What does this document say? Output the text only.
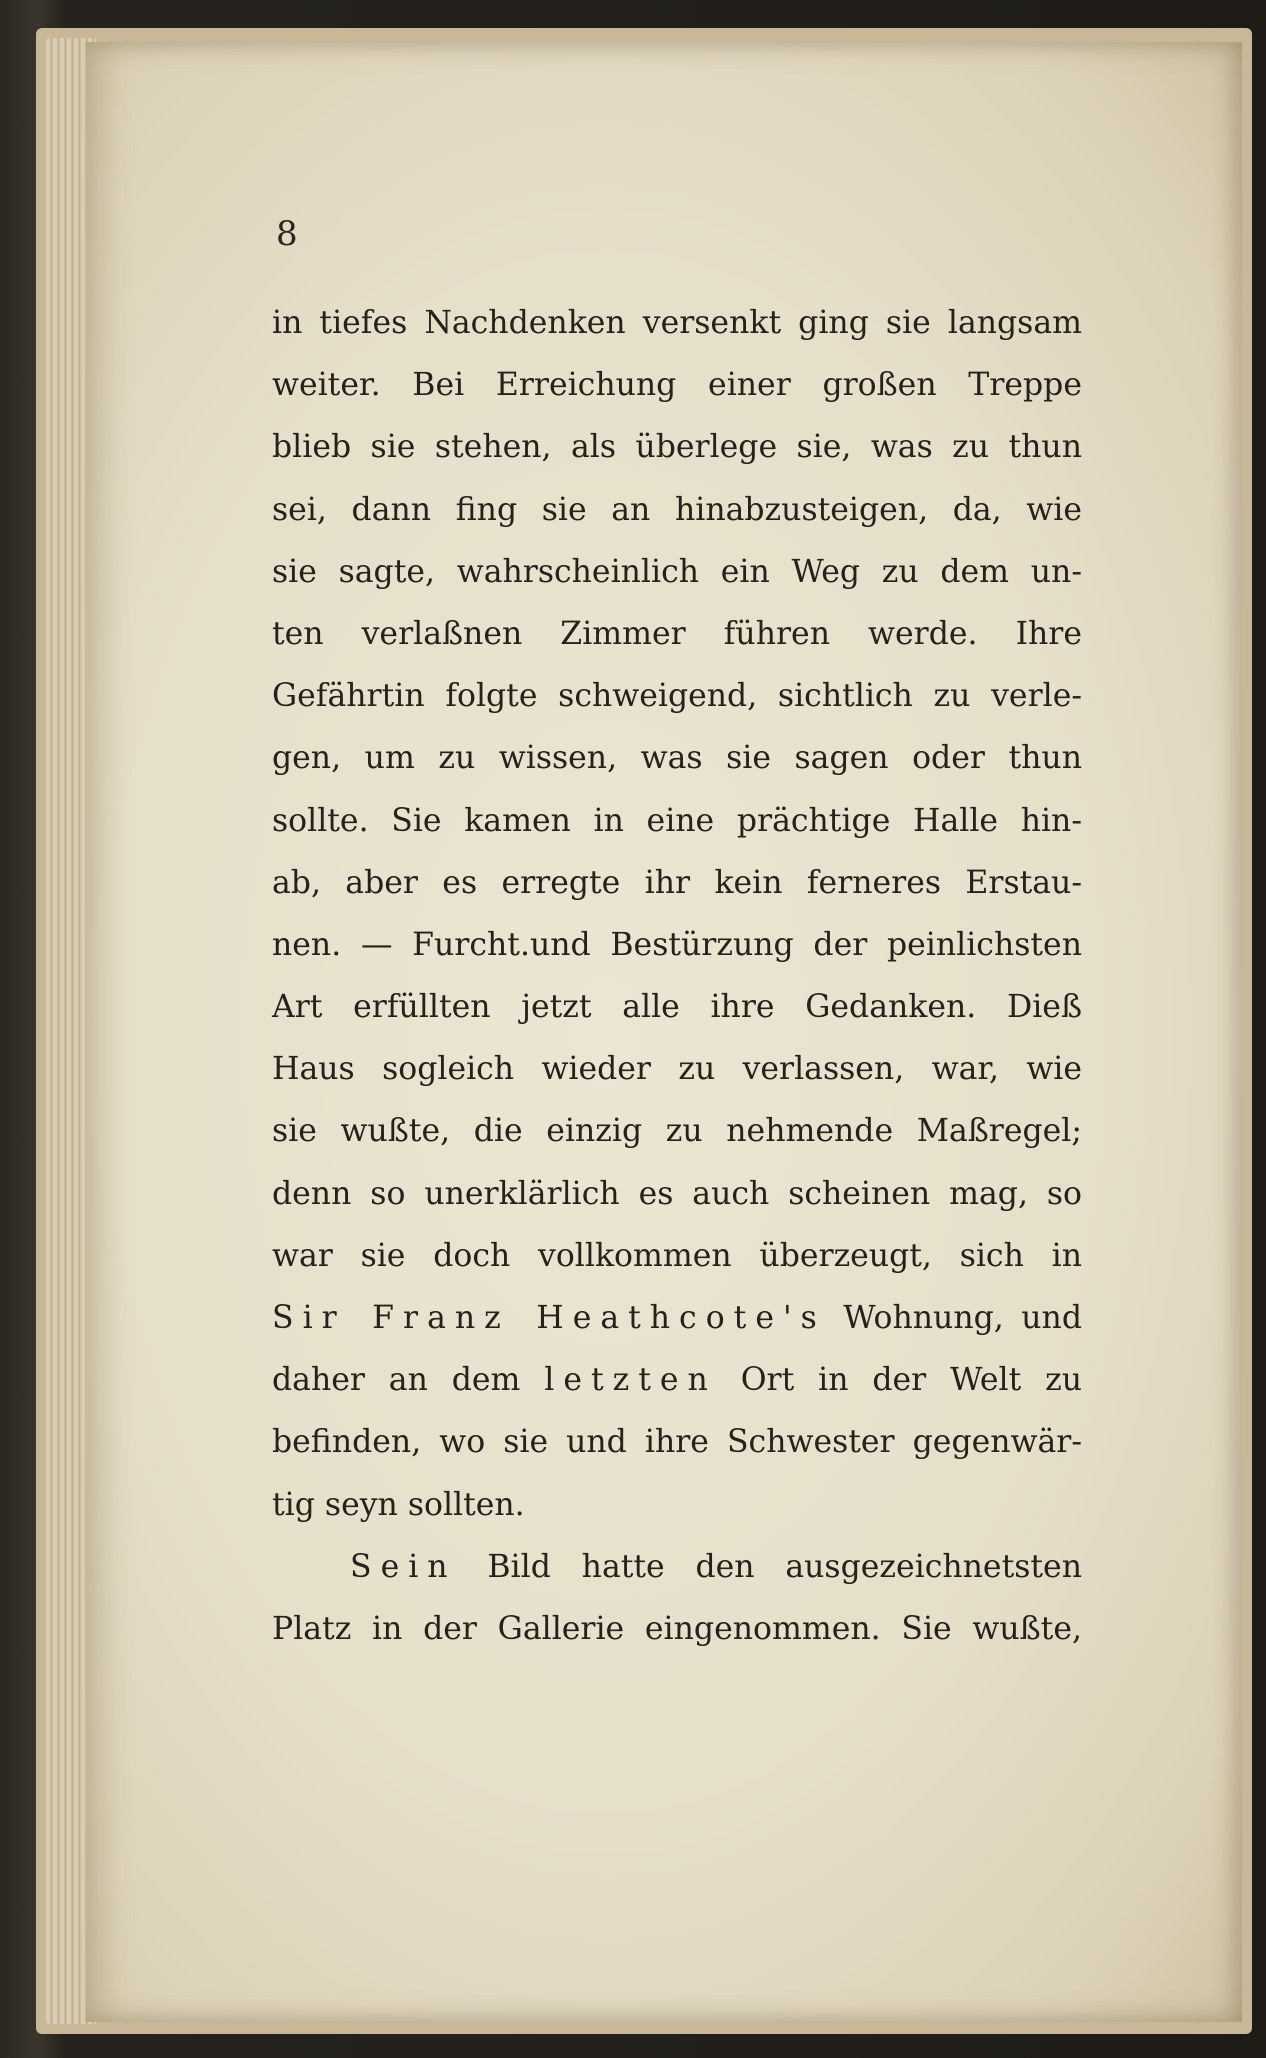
8
in tiefes Nachdenken versenkt ging sie langsam
weiter. Bei Erreichung einer großen Treppe
blieb sie stehen, als überlege sie, was zu thun
sei, dann fing sie an hinabzusteigen, da, wie
sie sagte, wahrscheinlich ein Weg zu dem un-
ten verlaßnen Zimmer führen werde. Ihre
Gefährtin folgte schweigend, sichtlich zu verle-
gen, um zu wissen, was sie sagen oder thun
sollte. Sie kamen in eine prächtige Halle hin-
ab, aber es erregte ihr kein ferneres Erstau-
nen. — Furcht.und Bestürzung der peinlichsten
Art erfüllten jetzt alle ihre Gedanken. Dieß
Haus sogleich wieder zu verlassen, war, wie
sie wußte, die einzig zu nehmende Maßregel;
denn so unerklärlich es auch scheinen mag, so
war sie doch vollkommen überzeugt, sich in
Sir Franz Heathcote's Wohnung, und
daher an dem letzten Ort in der Welt zu
befinden, wo sie und ihre Schwester gegenwär-
tig seyn sollten.
Sein Bild hatte den ausgezeichnetsten
Platz in der Gallerie eingenommen. Sie wußte,
